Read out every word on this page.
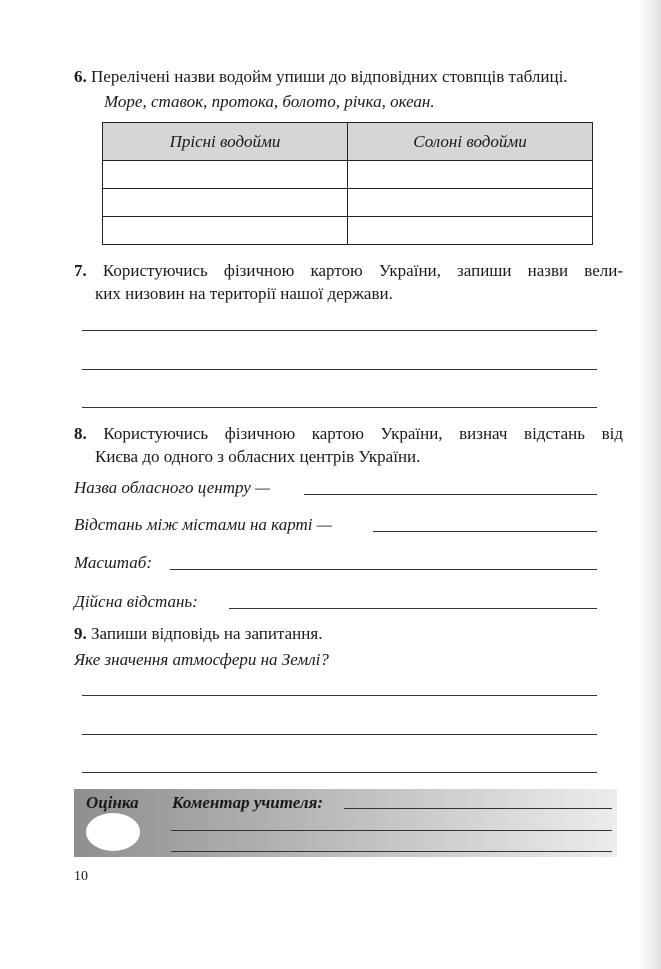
6. Перелічені назви водойм упиши до відповідних стовпців таблиці.
Море, ставок, протока, болото, річка, океан.
Прісні водойми	Солоні водойми

7. Користуючись фізичною картою України, запиши назви вели-
ких низовин на території нашої держави.
8. Користуючись фізичною картою України, визнач відстань від
Києва до одного з обласних центрів України.
Назва обласного центру —
Відстань між містами на карті —
Масштаб:
Дійсна відстань:
9. Запиши відповідь на запитання.
Яке значення атмосфери на Землі?
Оцінка Коментар учителя:
10
